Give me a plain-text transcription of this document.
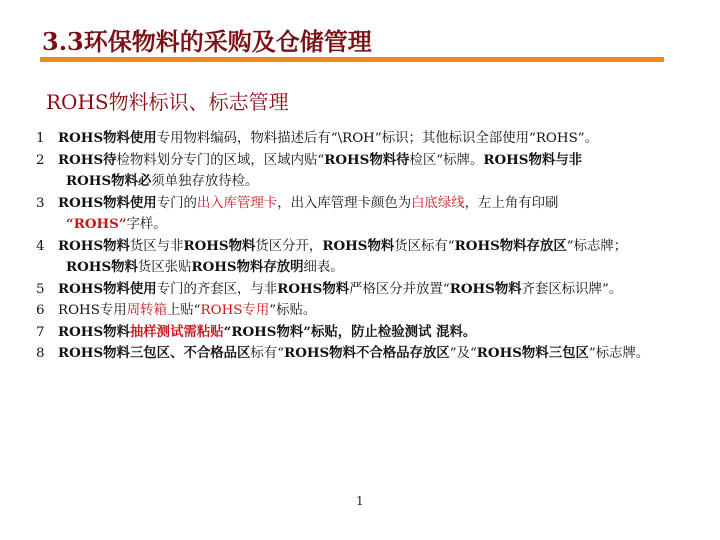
3.3环保物料的采购及仓储管理
ROHS物料标识、标志管理
1	ROHS物料使用专用物料编码，物料描述后有“\ROH”标识；其他标识全部使用“ROHS”。
2	ROHS待检物料划分专门的区域，区域内贴“ROHS物料待检区”标牌。ROHS物料与非
ROHS物料必须单独存放待检。
3	ROHS物料使用专门的出入库管理卡，出入库管理卡颜色为白底绿线，左上角有印刷
“ROHS”字样。
4	ROHS物料货区与非ROHS物料货区分开，ROHS物料货区标有“ROHS物料存放区”标志牌；
ROHS物料货区张贴ROHS物料存放明细表。
5	ROHS物料使用专门的齐套区，与非ROHS物料严格区分并放置“ROHS物料齐套区标识牌”。
6	ROHS专用周转箱上贴“ROHS专用”标贴。
7	ROHS物料抽样测试需粘贴“ROHS物料”标贴，防止检验测试 混料。
8	ROHS物料三包区、不合格品区标有“ROHS物料不合格品存放区”及“ROHS物料三包区”标志牌。
1
